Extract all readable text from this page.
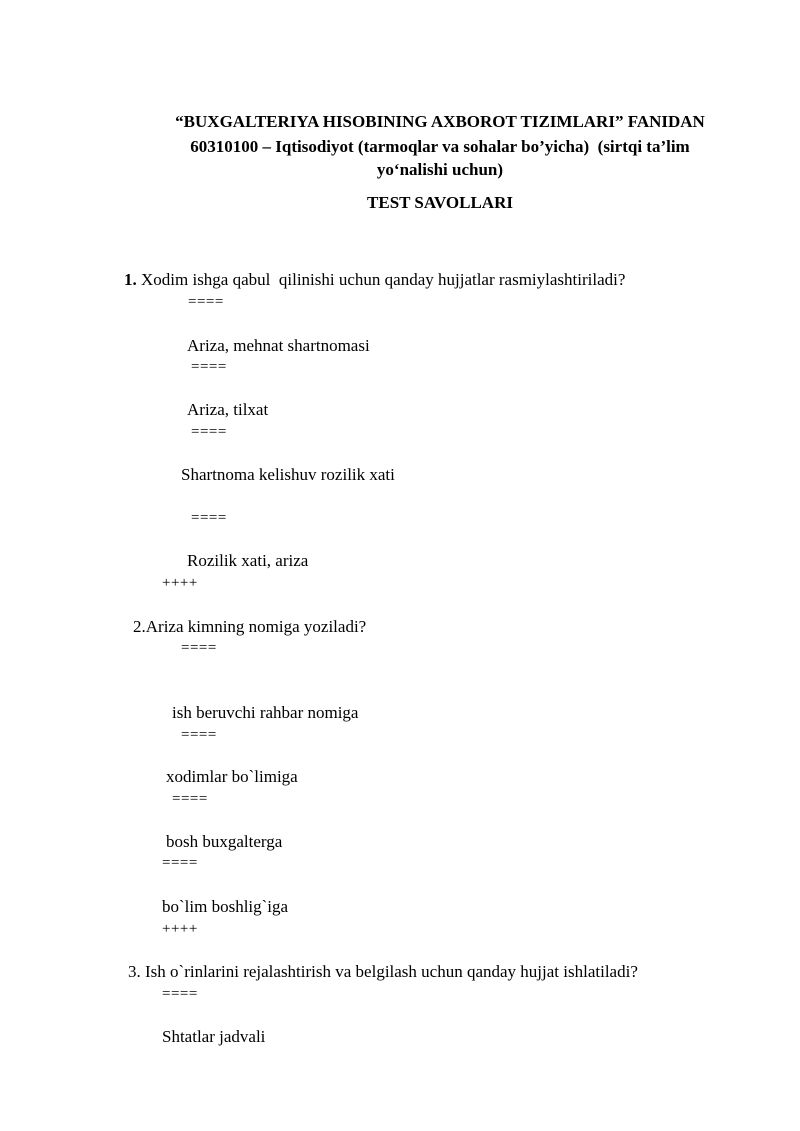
“BUXGALTERIYA HISOBINING AXBOROT TIZIMLARI” FANIDAN
60310100 – Iqtisodiyot (tarmoqlar va sohalar bo’yicha)  (sirtqi ta’lim
yo‘nalishi uchun)
TEST SAVOLLARI
1. Xodim ishga qabul  qilinishi uchun qanday hujjatlar rasmiylashtiriladi?
====
Ariza, mehnat shartnomasi
====
Ariza, tilxat
====
Shartnoma kelishuv rozilik xati
====
Rozilik xati, ariza
++++
2.Ariza kimning nomiga yoziladi?
====
ish beruvchi rahbar nomiga
====
xodimlar bo`limiga
====
bosh buxgalterga
====
bo`lim boshlig`iga
++++
3. Ish o`rinlarini rejalashtirish va belgilash uchun qanday hujjat ishlatiladi?
====
Shtatlar jadvali
